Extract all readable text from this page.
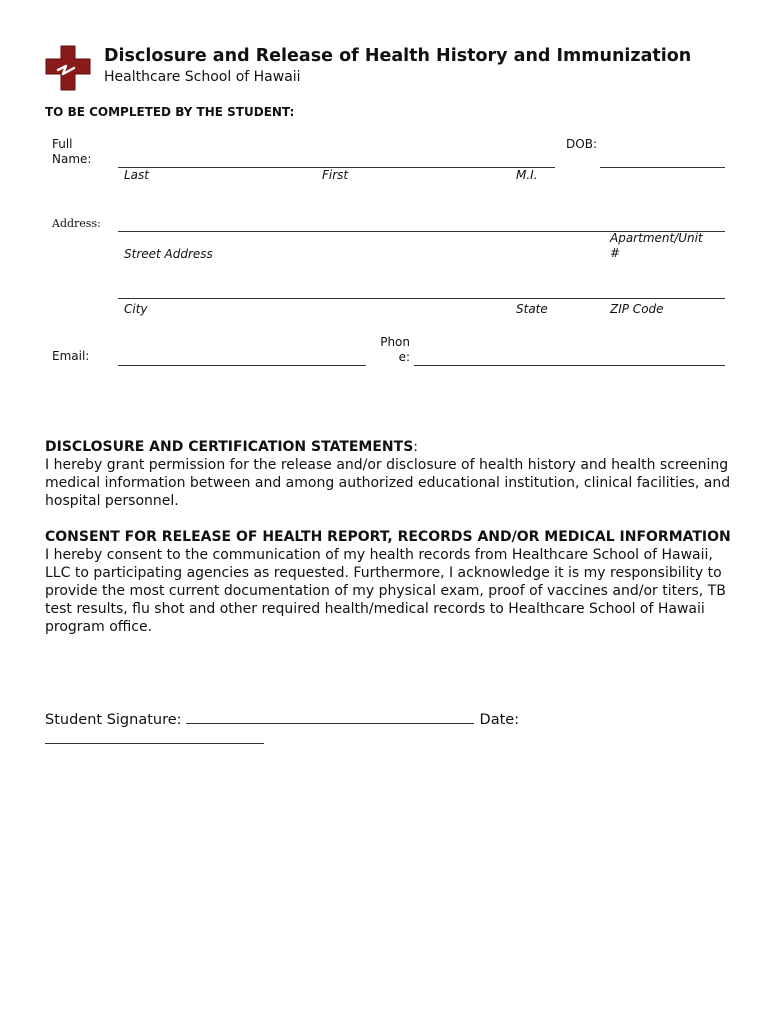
Disclosure and Release of Health History and Immunization
Healthcare School of Hawaii
TO BE COMPLETED BY THE STUDENT:
Full Name:
Last	First	M.I.
DOB:
Address:
Street Address
Apartment/Unit #
City	State	ZIP Code
Email:
Phone:
DISCLOSURE AND CERTIFICATION STATEMENTS:
I hereby grant permission for the release and/or disclosure of health history and health screening medical information between and among authorized educational institution, clinical facilities, and hospital personnel.
CONSENT FOR RELEASE OF HEALTH REPORT, RECORDS AND/OR MEDICAL INFORMATION
I hereby consent to the communication of my health records from Healthcare School of Hawaii, LLC to participating agencies as requested. Furthermore, I acknowledge it is my responsibility to provide the most current documentation of my physical exam, proof of vaccines and/or titers, TB test results, flu shot and other required health/medical records to Healthcare School of Hawaii program office.
Student Signature:	Date:
